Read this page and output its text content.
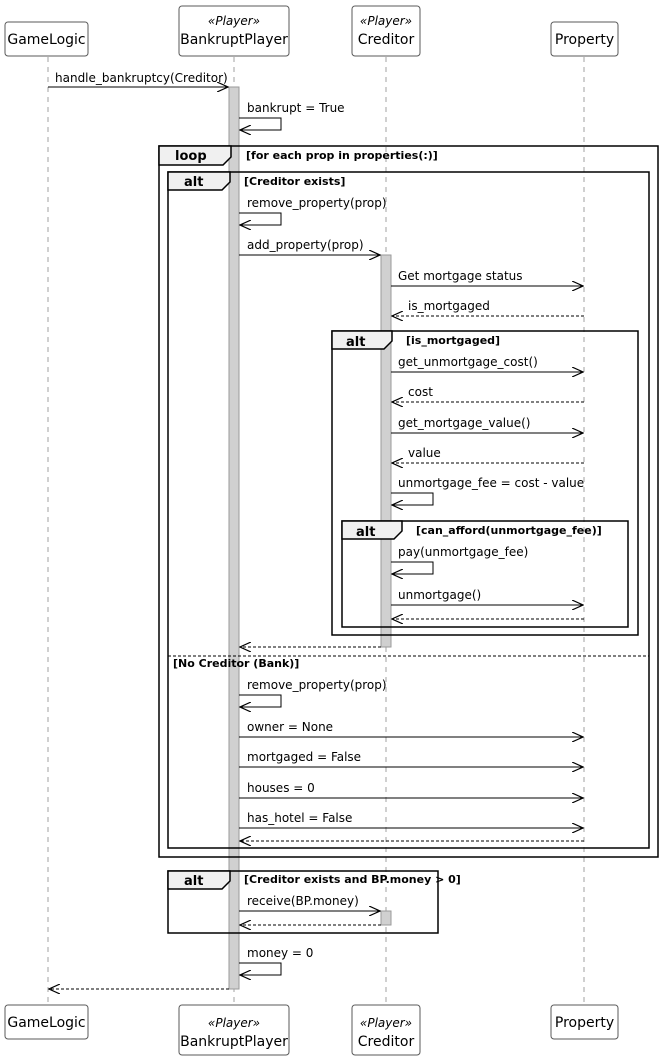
GameLogic
«Player»
BankruptPlayer
«Player»
Creditor	Property
GameLogic	«Player»
BankruptPlayer
«Player»
Creditor
Property
loop	[for each prop in properties(:)]
alt	[Creditor exists]
[No Creditor (Bank)]
alt	[is_mortgaged]
alt	[can_afford(unmortgage_fee)]
alt	[Creditor exists and BP.money > 0]
handle_bankruptcy(Creditor)
bankrupt = True
remove_property(prop)
add_property(prop)
Get mortgage status
is_mortgaged
get_unmortgage_cost()
cost
get_mortgage_value()
value
unmortgage_fee = cost - value
pay(unmortgage_fee)
unmortgage()
remove_property(prop)
owner = None
mortgaged = False
houses = 0
has_hotel = False
receive(BP.money)
money = 0
